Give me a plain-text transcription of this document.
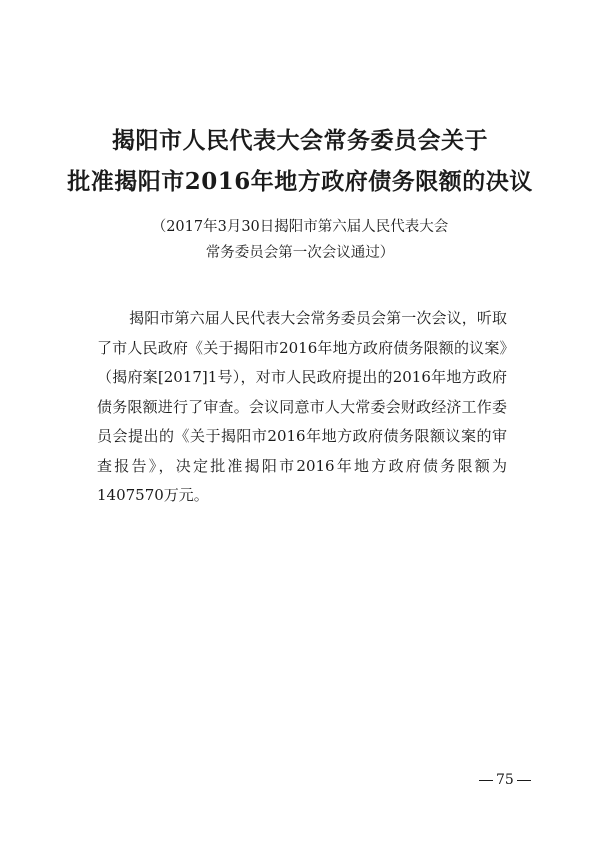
揭阳市人民代表大会常务委员会关于
批准揭阳市2016年地方政府债务限额的决议

（2017年3月30日揭阳市第六届人民代表大会

常务委员会第一次会议通过）

揭阳市第六届人民代表大会常务委员会第一次会议，听取了市人民政府《关于揭阳市2016年地方政府债务限额的议案》（揭府案[2017]1号），对市人民政府提出的2016年地方政府债务限额进行了审查。会议同意市人大常委会财政经济工作委员会提出的《关于揭阳市2016年地方政府债务限额议案的审查报告》，决定批准揭阳市2016年地方政府债务限额为1407570万元。

75
